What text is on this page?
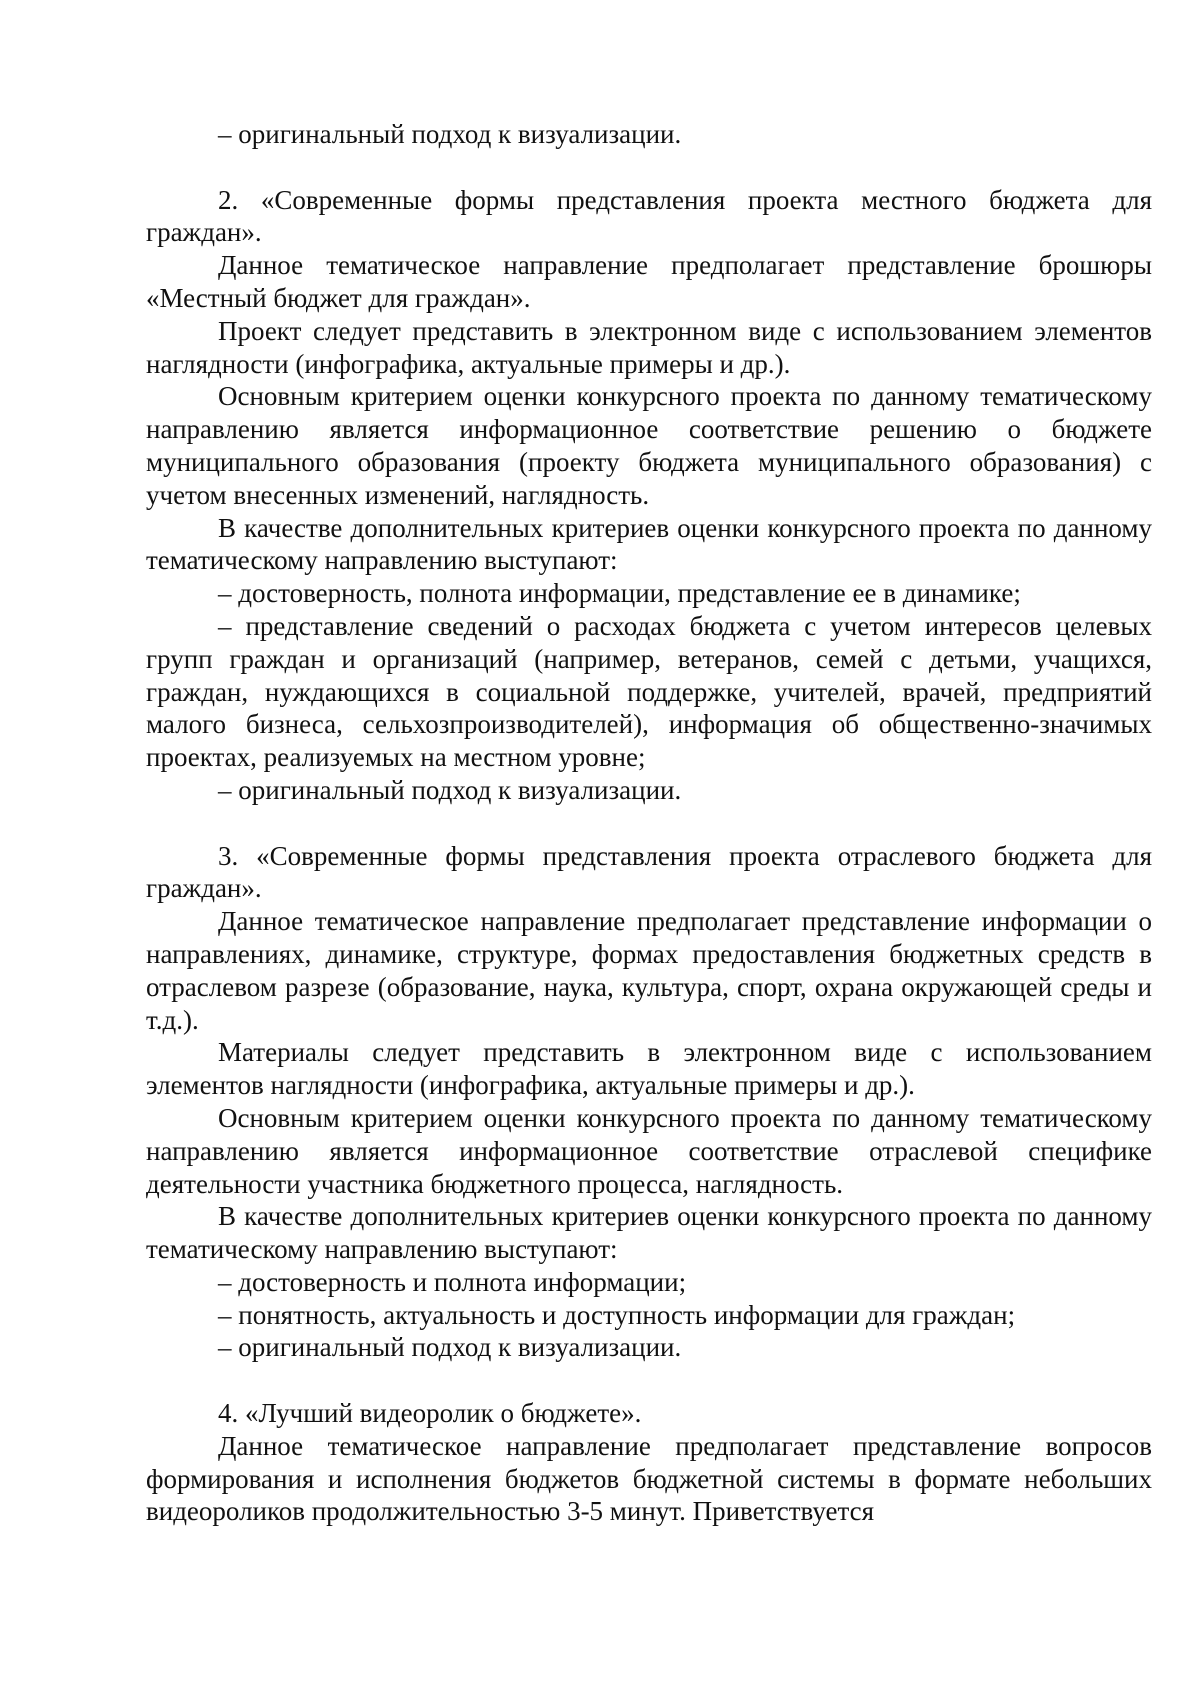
– оригинальный подход к визуализации.
2. «Современные формы представления проекта местного бюджета для граждан».
Данное тематическое направление предполагает представление брошюры «Местный бюджет для граждан».
Проект следует представить в электронном виде с использованием элементов наглядности (инфографика, актуальные примеры и др.).
Основным критерием оценки конкурсного проекта по данному тематическому направлению является информационное соответствие решению о бюджете муниципального образования (проекту бюджета муниципального образования) с учетом внесенных изменений, наглядность.
В качестве дополнительных критериев оценки конкурсного проекта по данному тематическому направлению выступают:
– достоверность, полнота информации, представление ее в динамике;
– представление сведений о расходах бюджета с учетом интересов целевых групп граждан и организаций (например, ветеранов, семей с детьми, учащихся, граждан, нуждающихся в социальной поддержке, учителей, врачей, предприятий малого бизнеса, сельхозпроизводителей), информация об общественно-значимых проектах, реализуемых на местном уровне;
– оригинальный подход к визуализации.
3. «Современные формы представления проекта отраслевого бюджета для граждан».
Данное тематическое направление предполагает представление информации о направлениях, динамике, структуре, формах предоставления бюджетных средств в отраслевом разрезе (образование, наука, культура, спорт, охрана окружающей среды и т.д.).
Материалы следует представить в электронном виде с использованием элементов наглядности (инфографика, актуальные примеры и др.).
Основным критерием оценки конкурсного проекта по данному тематическому направлению является информационное соответствие отраслевой специфике деятельности участника бюджетного процесса, наглядность.
В качестве дополнительных критериев оценки конкурсного проекта по данному тематическому направлению выступают:
– достоверность и полнота информации;
– понятность, актуальность и доступность информации для граждан;
– оригинальный подход к визуализации.
4. «Лучший видеоролик о бюджете».
Данное тематическое направление предполагает представление вопросов формирования и исполнения бюджетов бюджетной системы в формате небольших видеороликов продолжительностью 3-5 минут. Приветствуется
